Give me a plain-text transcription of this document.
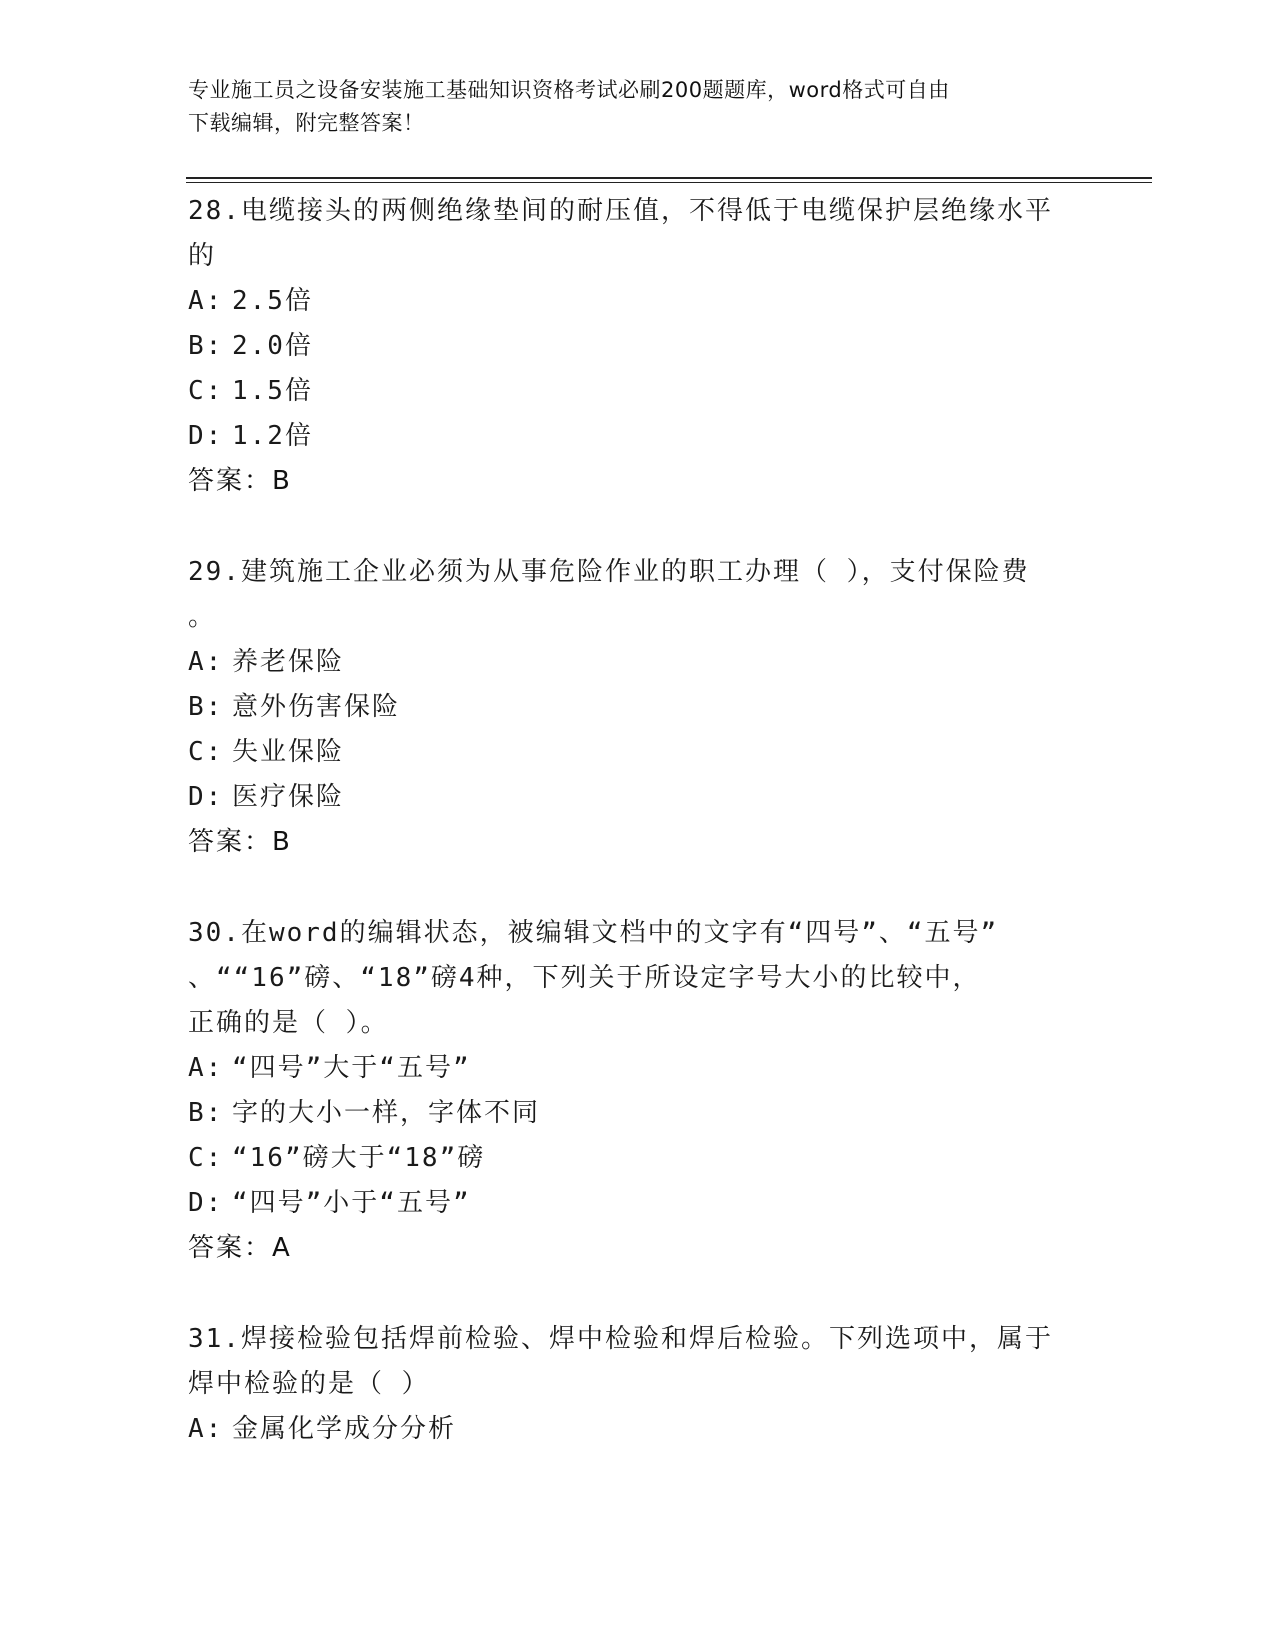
专业施工员之设备安装施工基础知识资格考试必刷200题题库，word格式可自由
下载编辑，附完整答案！

28.电缆接头的两侧绝缘垫间的耐压值，不得低于电缆保护层绝缘水平

的

A: 2.5倍

B: 2.0倍

C: 1.5倍

D: 1.2倍

答案：B

29.建筑施工企业必须为从事危险作业的职工办理（ ），支付保险费

。

A: 养老保险

B: 意外伤害保险

C: 失业保险

D: 医疗保险

答案：B

30.在word的编辑状态，被编辑文档中的文字有“四号”、“五号”

、““16”磅、“18”磅4种，下列关于所设定字号大小的比较中，

正确的是（ ）。

A: “四号”大于“五号”

B: 字的大小一样，字体不同

C: “16”磅大于“18”磅

D: “四号”小于“五号”

答案：A

31.焊接检验包括焊前检验、焊中检验和焊后检验。下列选项中，属于

焊中检验的是（ ）

A: 金属化学成分分析
